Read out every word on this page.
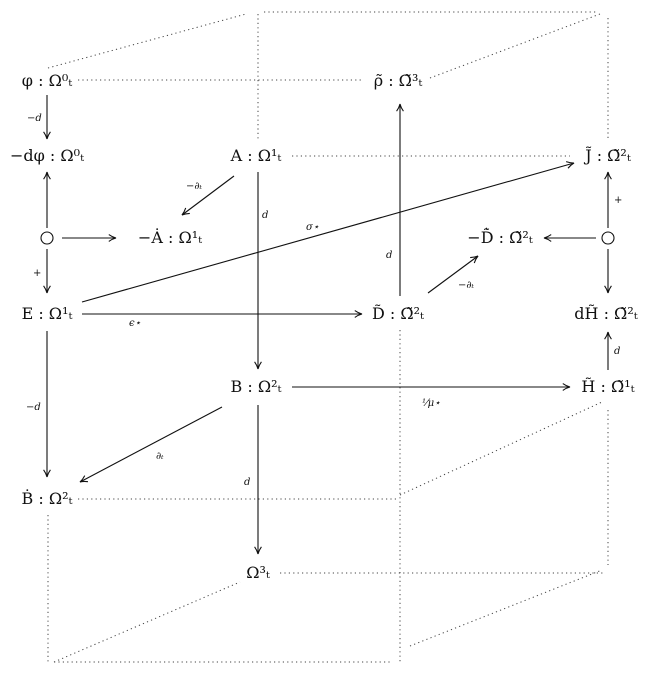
φ : Ω⁰ₜ
−dφ : Ω⁰ₜ	A : Ω¹ₜ
ρ̃ : Ω̃³ₜ
J̃ : Ω̃²ₜ
−Ȧ : Ω¹ₜ	−D̃̇ : Ω̃²ₜ
E : Ω¹ₜ	D̃ : Ω̃²ₜ	dH̃ : Ω̃²ₜ
B : Ω²ₜ	H̃ : Ω̃¹ₜ
Ḃ : Ω²ₜ
Ω³ₜ
−d
−∂ₜ
d
σ⋆
d
−∂ₜ
+
+
ϵ⋆
d
−d	¹⁄μ⋆
∂ₜ
d
